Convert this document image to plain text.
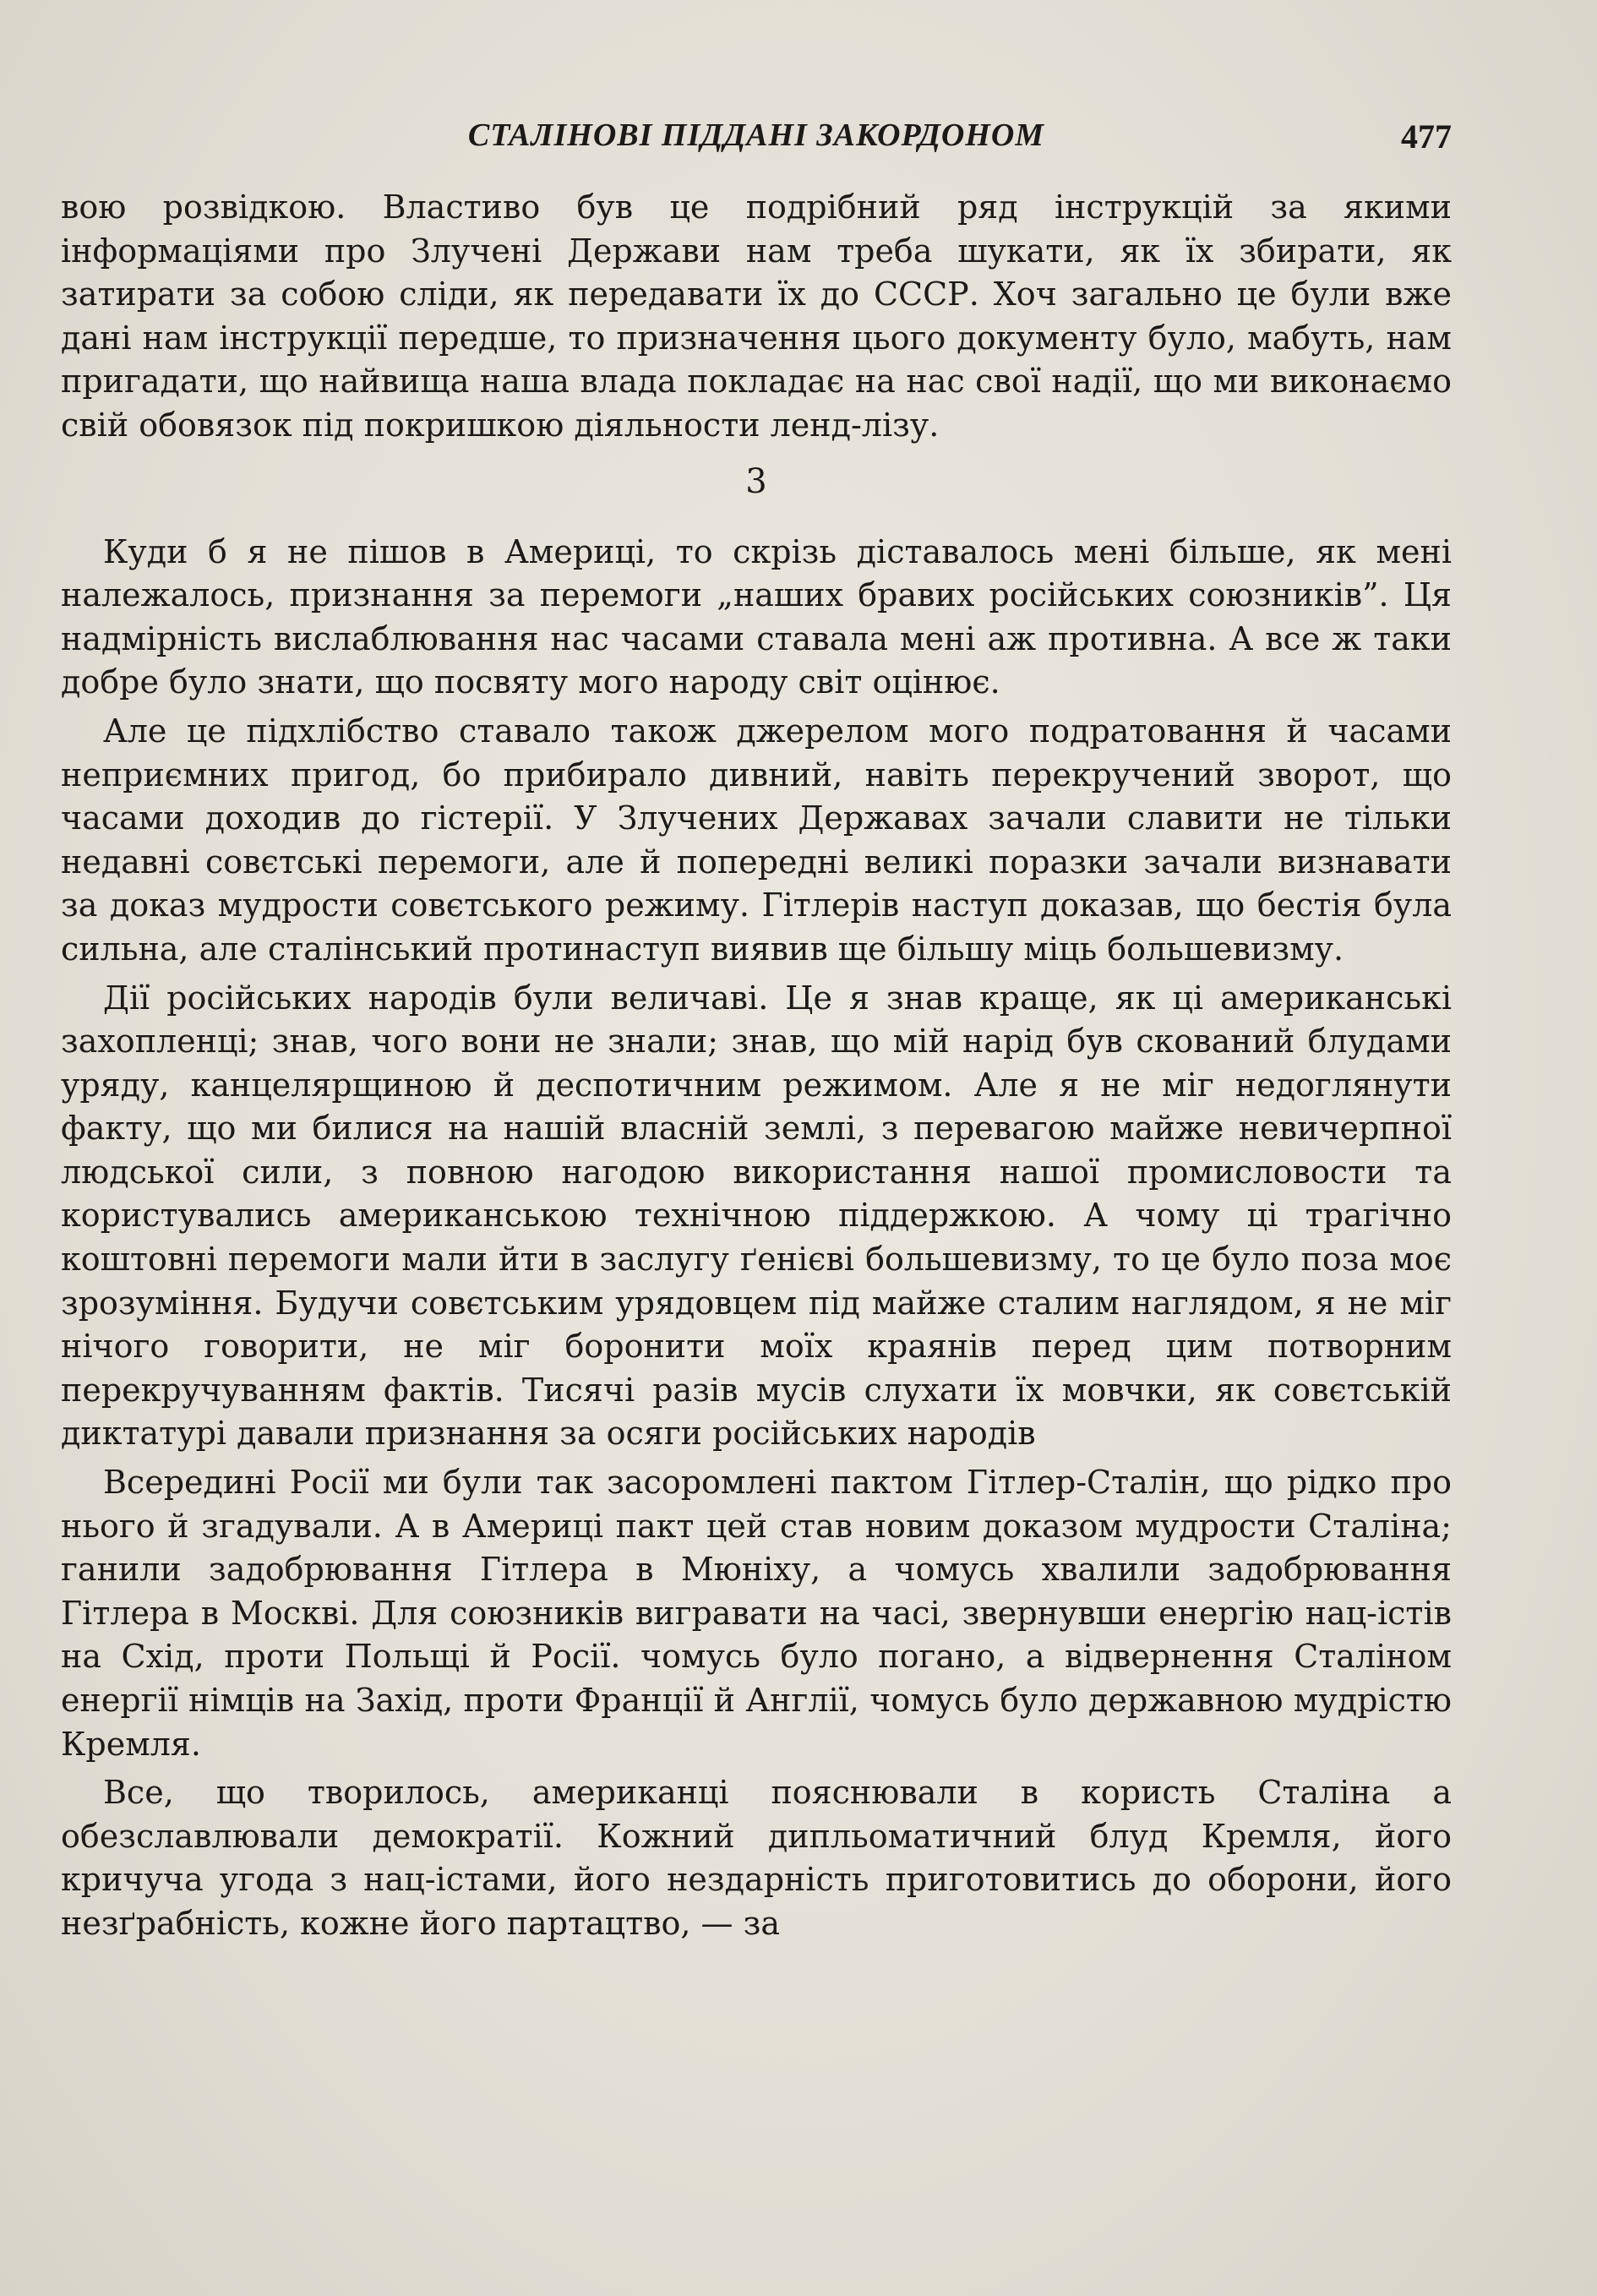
СТАЛІНОВІ ПІДДАНІ ЗАКОРДОНОМ	477

вою розвідкою. Властиво був це подрібний ряд інструкцій за якими інформаціями про Злучені Держави нам треба шукати, як їх збирати, як затирати за собою сліди, як передавати їх до СССР. Хоч загально це були вже дані нам інструкції передше, то призначення цього документу було, мабуть, нам пригадати, що найвища наша влада покладає на нас свої надії, що ми виконаємо свій обовязок під покришкою діяльности ленд-лізу.

3

Куди б я не пішов в Америці, то скрізь діставалось мені більше, як мені належалось, признання за перемоги „наших бравих російських союзників”. Ця надмірність вислаблювання нас часами ставала мені аж противна. А все ж таки добре було знати, що посвяту мого народу світ оцінює.

Але це підхлібство ставало також джерелом мого подратовання й часами неприємних пригод, бо прибирало дивний, навіть перекручений зворот, що часами доходив до гістерії. У Злучених Державах зачали славити не тільки недавні совєтські перемоги, але й попередні великі поразки зачали визнавати за доказ мудрости совєтського режиму. Гітлерів наступ доказав, що бестія була сильна, але сталінський протинаступ виявив ще більшу міць большевизму.

Дії російських народів були величаві. Це я знав краще, як ці американські захопленці; знав, чого вони не знали; знав, що мій нарід був скований блудами уряду, канцелярщиною й деспотичним режимом. Але я не міг недоглянути факту, що ми билися на нашій власній землі, з перевагою майже невичерпної людської сили, з повною нагодою використання нашої промисловости та користувались американською технічною піддержкою. А чому ці трагічно коштовні перемоги мали йти в заслугу ґенієві большевизму, то це було поза моє зрозуміння. Будучи совєтським урядовцем під майже сталим наглядом, я не міг нічого говорити, не міг боронити моїх краянів перед цим потворним перекручуванням фактів. Тисячі разів мусів слухати їх мовчки, як совєтській диктатурі давали признання за осяги російських народів

Всередині Росії ми були так засоромлені пактом Гітлер-Сталін, що рідко про нього й згадували. А в Америці пакт цей став новим доказом мудрости Сталіна; ганили задобрювання Гітлера в Мюніху, а чомусь хвалили задобрювання Гітлера в Москві. Для союзників вигравати на часі, звернувши енергію нац-істів на Схід, проти Польщі й Росії. чомусь було погано, а відвернення Сталіном енергії німців на Захід, проти Франції й Англії, чомусь було державною мудрістю Кремля.

Все, що творилось, американці пояснювали в користь Сталіна а обезславлювали демократії. Кожний дипльоматичний блуд Кремля, його кричуча угода з нац-істами, його нездарність приготовитись до оборони, його незґрабність, кожне його партацтво, — за
